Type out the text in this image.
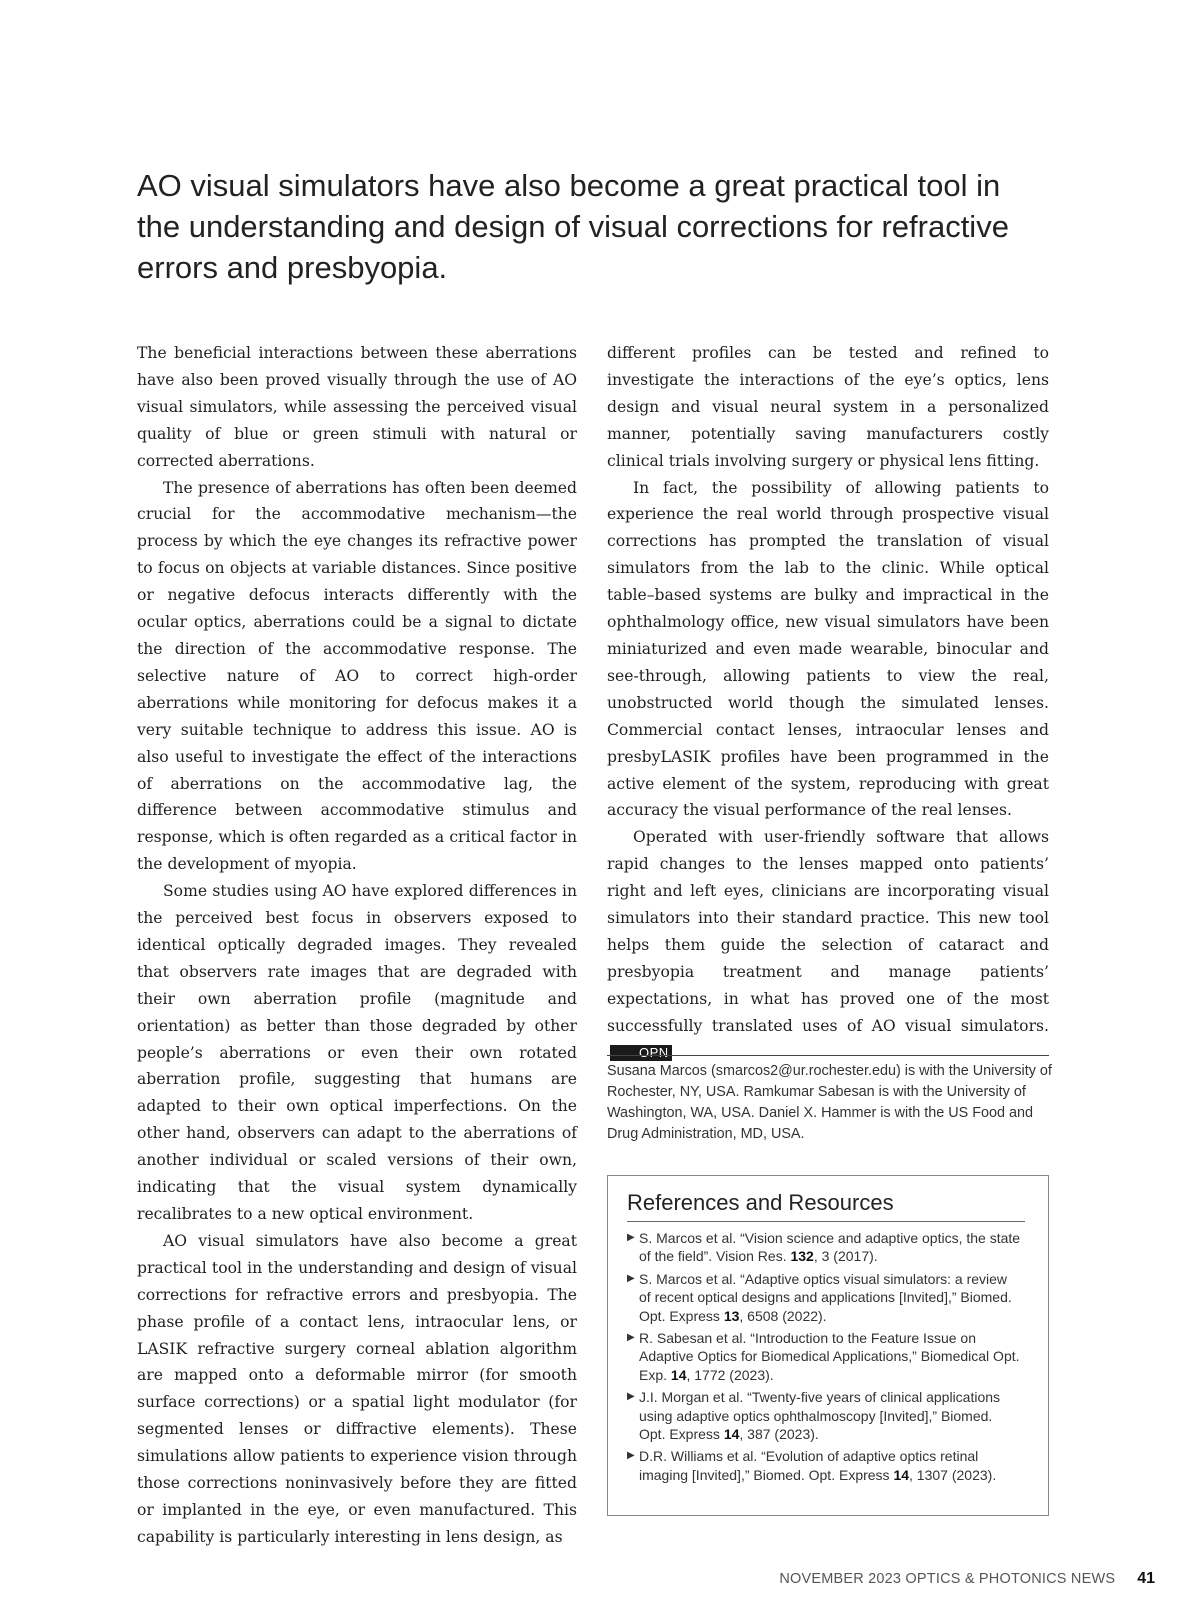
AO visual simulators have also become a great practical tool in the understanding and design of visual corrections for refractive errors and presbyopia.

The beneficial interactions between these aberrations have also been proved visually through the use of AO visual simulators, while assessing the perceived visual quality of blue or green stimuli with natural or corrected aberrations.

The presence of aberrations has often been deemed crucial for the accommodative mechanism—the process by which the eye changes its refractive power to focus on objects at variable distances. Since positive or negative defocus interacts differently with the ocular optics, aberrations could be a signal to dictate the direction of the accommodative response. The selective nature of AO to correct high-order aberrations while monitoring for defocus makes it a very suitable technique to address this issue. AO is also useful to investigate the effect of the interactions of aberrations on the accommodative lag, the difference between accommodative stimulus and response, which is often regarded as a critical factor in the development of myopia.

Some studies using AO have explored differences in the perceived best focus in observers exposed to identical optically degraded images. They revealed that observers rate images that are degraded with their own aberration profile (magnitude and orientation) as better than those degraded by other people’s aberrations or even their own rotated aberration profile, suggesting that humans are adapted to their own optical imperfections. On the other hand, observers can adapt to the aberrations of another individual or scaled versions of their own, indicating that the visual system dynamically recalibrates to a new optical environment.

AO visual simulators have also become a great practical tool in the understanding and design of visual corrections for refractive errors and presbyopia. The phase profile of a contact lens, intraocular lens, or LASIK refractive surgery corneal ablation algorithm are mapped onto a deformable mirror (for smooth surface corrections) or a spatial light modulator (for segmented lenses or diffractive elements). These simulations allow patients to experience vision through those corrections noninvasively before they are fitted or implanted in the eye, or even manufactured. This capability is particularly interesting in lens design, as

different profiles can be tested and refined to investigate the interactions of the eye’s optics, lens design and visual neural system in a personalized manner, potentially saving manufacturers costly clinical trials involving surgery or physical lens fitting.

In fact, the possibility of allowing patients to experience the real world through prospective visual corrections has prompted the translation of visual simulators from the lab to the clinic. While optical table–based systems are bulky and impractical in the ophthalmology office, new visual simulators have been miniaturized and even made wearable, binocular and see-through, allowing patients to view the real, unobstructed world though the simulated lenses. Commercial contact lenses, intraocular lenses and presbyLASIK profiles have been programmed in the active element of the system, reproducing with great accuracy the visual performance of the real lenses.

Operated with user-friendly software that allows rapid changes to the lenses mapped onto patients’ right and left eyes, clinicians are incorporating visual simulators into their standard practice. This new tool helps them guide the selection of cataract and presbyopia treatment and manage patients’ expectations, in what has proved one of the most successfully translated uses of AO visual simulators.OPN

Susana Marcos (smarcos2@ur.rochester.edu) is with the University of Rochester, NY, USA. Ramkumar Sabesan is with the University of Washington, WA, USA. Daniel X. Hammer is with the US Food and Drug Administration, MD, USA.
References and Resources
▶ S. Marcos et al. “Vision science and adaptive optics, the state of the field”. Vision Res. 132, 3 (2017).
▶ S. Marcos et al. “Adaptive optics visual simulators: a review of recent optical designs and applications [Invited],” Biomed. Opt. Express 13, 6508 (2022).
▶ R. Sabesan et al. “Introduction to the Feature Issue on Adaptive Optics for Biomedical Applications,” Biomedical Opt. Exp. 14, 1772 (2023).
▶ J.I. Morgan et al. “Twenty-five years of clinical applications using adaptive optics ophthalmoscopy [Invited],” Biomed. Opt. Express 14, 387 (2023).
▶ D.R. Williams et al. “Evolution of adaptive optics retinal imaging [Invited],” Biomed. Opt. Express 14, 1307 (2023).
NOVEMBER 2023 OPTICS & PHOTONICS NEWS 41
